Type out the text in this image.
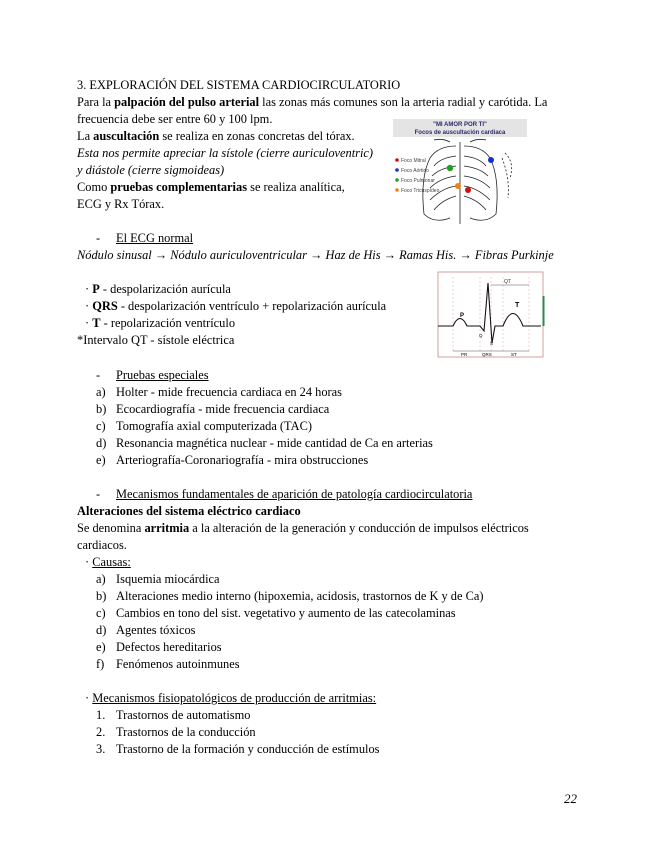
3. EXPLORACIÓN DEL SISTEMA CARDIOCIRCULATORIO
Para la palpación del pulso arterial las zonas más comunes son la arteria radial y carótida. La
frecuencia debe ser entre 60 y 100 lpm.
La auscultación se realiza en zonas concretas del tórax.
Esta nos permite apreciar la sístole (cierre auriculoventric)
y diástole (cierre sigmoideas)
Como pruebas complementarias se realiza analítica,
ECG y Rx Tórax.
"MI AMOR POR TI"
Focos de auscultación cardiaca
Foco Mitral
Foco Aórtico
Foco Pulmonar
Foco Tricuspídeo
- El ECG normal
Nódulo sinusal → Nódulo auriculoventricular → Haz de His → Ramas His. → Fibras Purkinje
· P - despolarización aurícula
· QRS - despolarización ventrículo + repolarización aurícula
· T - repolarización ventrículo
*Intervalo QT - sístole eléctrica
QT
P
T
Q
S
PR	QRS	ST
- Pruebas especiales
a) Holter - mide frecuencia cardiaca en 24 horas
b) Ecocardiografía - mide frecuencia cardiaca
c) Tomografía axial computerizada (TAC)
d) Resonancia magnética nuclear - mide cantidad de Ca en arterias
e) Arteriografía-Coronariografía - mira obstrucciones
- Mecanismos fundamentales de aparición de patología cardiocirculatoria
Alteraciones del sistema eléctrico cardiaco
Se denomina arritmia a la alteración de la generación y conducción de impulsos eléctricos
cardiacos.
· Causas:
a) Isquemia miocárdica
b) Alteraciones medio interno (hipoxemia, acidosis, trastornos de K y de Ca)
c) Cambios en tono del sist. vegetativo y aumento de las catecolaminas
d) Agentes tóxicos
e) Defectos hereditarios
f) Fenómenos autoinmunes
· Mecanismos fisiopatológicos de producción de arritmias:
1. Trastornos de automatismo
2. Trastornos de la conducción
3. Trastorno de la formación y conducción de estímulos
22
